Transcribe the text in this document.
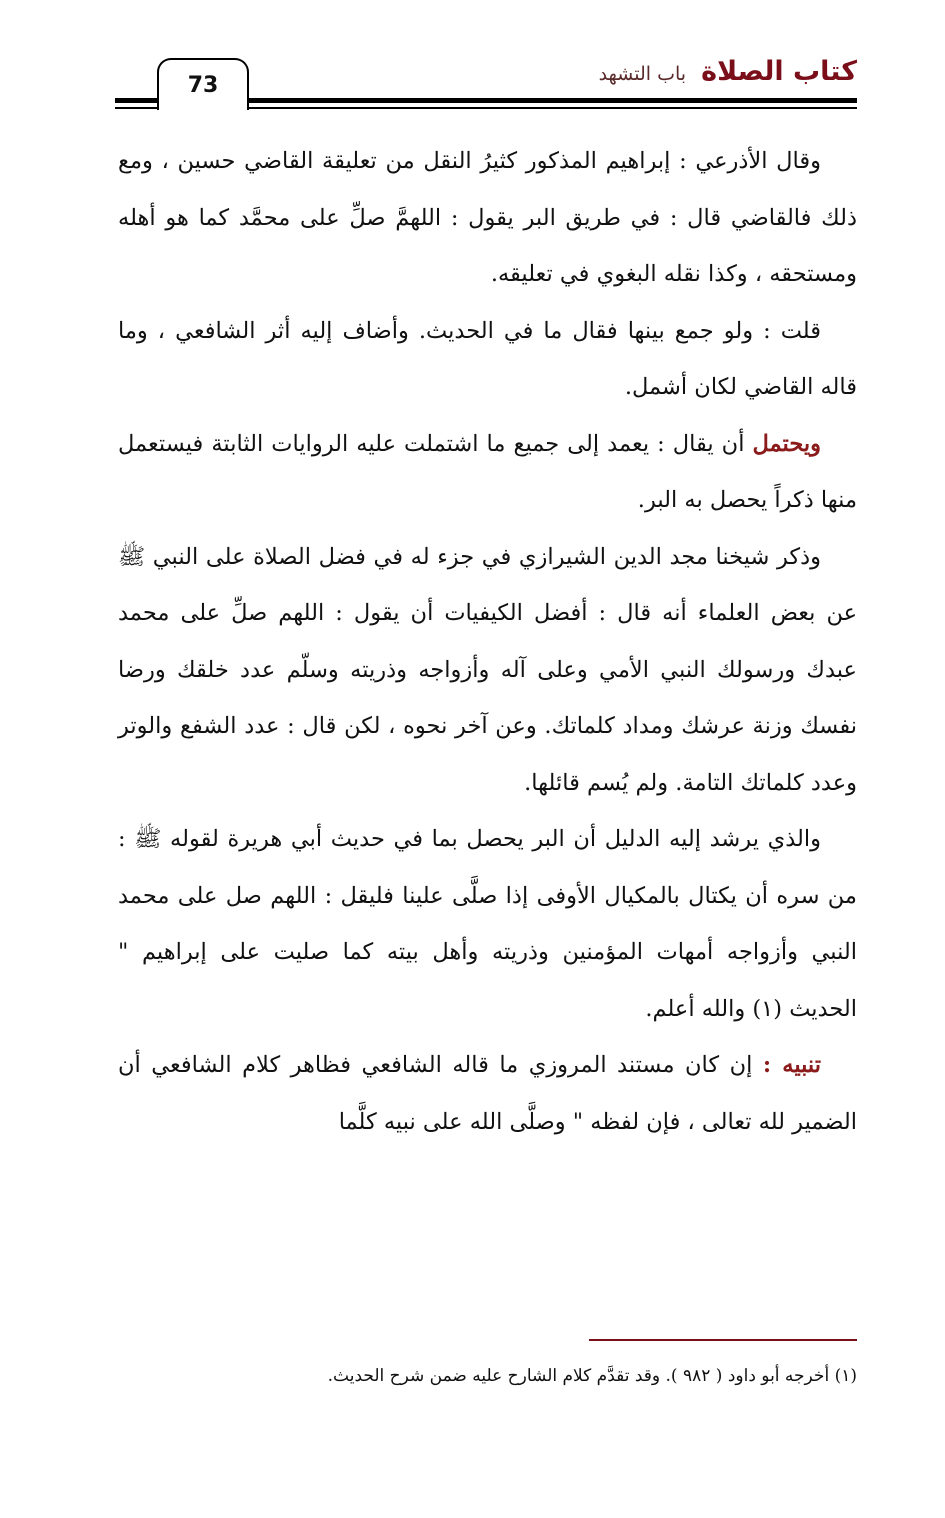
73	كتاب الصلاة باب التشهد

وقال الأذرعي : إبراهيم المذكور كثيرُ النقل من تعليقة القاضي حسين ، ومع ذلك فالقاضي قال : في طريق البر يقول : اللهمَّ صلِّ على محمَّد كما هو أهله ومستحقه ، وكذا نقله البغوي في تعليقه.

قلت : ولو جمع بينها فقال ما في الحديث. وأضاف إليه أثر الشافعي ، وما قاله القاضي لكان أشمل.

ويحتمل أن يقال : يعمد إلى جميع ما اشتملت عليه الروايات الثابتة فيستعمل منها ذكراً يحصل به البر.

وذكر شيخنا مجد الدين الشيرازي في جزء له في فضل الصلاة على النبي ﷺ عن بعض العلماء أنه قال : أفضل الكيفيات أن يقول : اللهم صلِّ على محمد عبدك ورسولك النبي الأمي وعلى آله وأزواجه وذريته وسلّم عدد خلقك ورضا نفسك وزنة عرشك ومداد كلماتك. وعن آخر نحوه ، لكن قال : عدد الشفع والوتر وعدد كلماتك التامة. ولم يُسم قائلها.

والذي يرشد إليه الدليل أن البر يحصل بما في حديث أبي هريرة لقوله ﷺ : من سره أن يكتال بالمكيال الأوفى إذا صلَّى علينا فليقل : اللهم صل على محمد النبي وأزواجه أمهات المؤمنين وذريته وأهل بيته كما صليت على إبراهيم " الحديث (١) والله أعلم.

تنبيه : إن كان مستند المروزي ما قاله الشافعي فظاهر كلام الشافعي أن الضمير لله تعالى ، فإن لفظه " وصلَّى الله على نبيه كلَّما

(١) أخرجه أبو داود ( ٩٨٢ ). وقد تقدَّم كلام الشارح عليه ضمن شرح الحديث.
